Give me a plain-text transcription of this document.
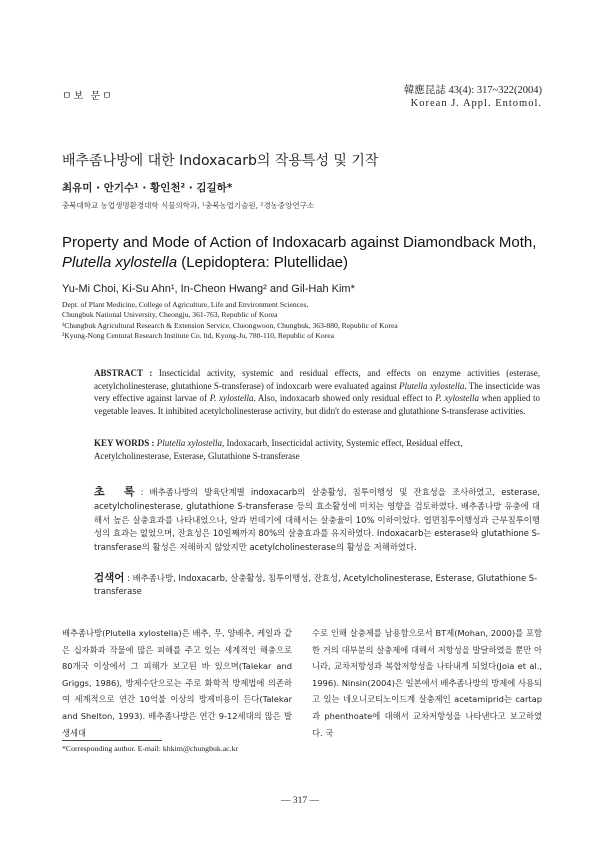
ㅁ보 문ㅁ
韓應昆誌 43(4): 317~322(2004)
Korean J. Appl. Entomol.
배추좀나방에 대한 Indoxacarb의 작용특성 및 기작
최유미 · 안기수¹ · 황인천² · 김길하*
충북대학교 농업생명환경대학 식물의학과, ¹충북농업기술원, ²경농중앙연구소
Property and Mode of Action of Indoxacarb against Diamondback Moth,
Plutella xylostella (Lepidoptera: Plutellidae)
Yu-Mi Choi, Ki-Su Ahn¹, In-Cheon Hwang² and Gil-Hah Kim*
Dept. of Plant Medicine, College of Agriculture, Life and Environment Sciences,
Chungbuk National University, Cheongju, 361-763, Republic of Korea
¹Chungbuk Agricultural Research & Extension Service, Cheongwoon, Chungbuk, 363-880, Republic of Korea
²Kyung-Nong Centural Research Institute Co. ltd, Kyong-Ju, 780-110, Republic of Korea
ABSTRACT : Insecticidal activity, systemic and residual effects, and effects on enzyme activities (esterase, acetylcholinesterase, glutathione S-transferase) of indoxcarb were evaluated against Plutella xylostella. The insecticide was very effective against larvae of P. xylostella. Also, indoxacarb showed only residual effect to P. xylostella when applied to vegetable leaves. It inhibited acetylcholinesterase activity, but didn't do esterase and glutathione S-transferase activities.
KEY WORDS : Plutella xylostella, Indoxacarb, Insecticidal activity, Systemic effect, Residual effect, Acetylcholinesterase, Esterase, Glutathione S-transferase
초 록: 배추좀나방의 발육단계별 indoxacarb의 살충활성, 침투이행성 및 잔효성을 조사하였고, esterase, acetylcholinesterase, glutathione S-transferase 등의 효소활성에 미치는 영향을 검토하였다. 배추좀나방 유충에 대해서 높은 살충효과를 나타내었으나, 알과 번데기에 대해서는 살충율이 10% 이하이었다. 엽면침투이행성과 근부침투이행성의 효과는 없었으며, 잔효성은 10일째까지 80%의 살충효과를 유지하였다. Indoxacarb는 esterase와 glutathione S-transferase의 활성은 저해하지 않았지만 acetylcholinesterase의 활성을 저해하였다.
검색어 : 배추좀나방, Indoxacarb, 살충활성, 침투이행성, 잔효성, Acetylcholinesterase, Esterase, Glutathione S-transferase
배추좀나방(Plutella xylostella)은 배추, 무, 양배추, 케일과 같은 십자화과 작물에 많은 피해를 주고 있는 세계적인 해충으로 80개국 이상에서 그 피해가 보고된 바 있으며(Talekar and Griggs, 1986), 방제수단으로는 주로 화학적 방제법에 의존하여 세계적으로 연간 10억불 이상의 방제비용이 든다(Talekar and Shelton, 1993). 배추좀나방은 연간 9-12세대의 많은 발생세대
수로 인해 살충제를 남용함으로서 BT제(Mohan, 2000)를 포함한 거의 대부분의 살충제에 대해서 저항성을 발달하였을 뿐만 아니라, 교차저항성과 복합저항성을 나타내게 되었다(Joia et al., 1996). Ninsin(2004)은 일본에서 배추좀나방의 방제에 사용되고 있는 네오니코티노이드계 살충제인 acetamiprid는 cartap과 phenthoate에 대해서 교차저항성을 나타낸다고 보고하였다. 국
*Corresponding author. E-mail: khkim@chungbuk.ac.kr
— 317 —
